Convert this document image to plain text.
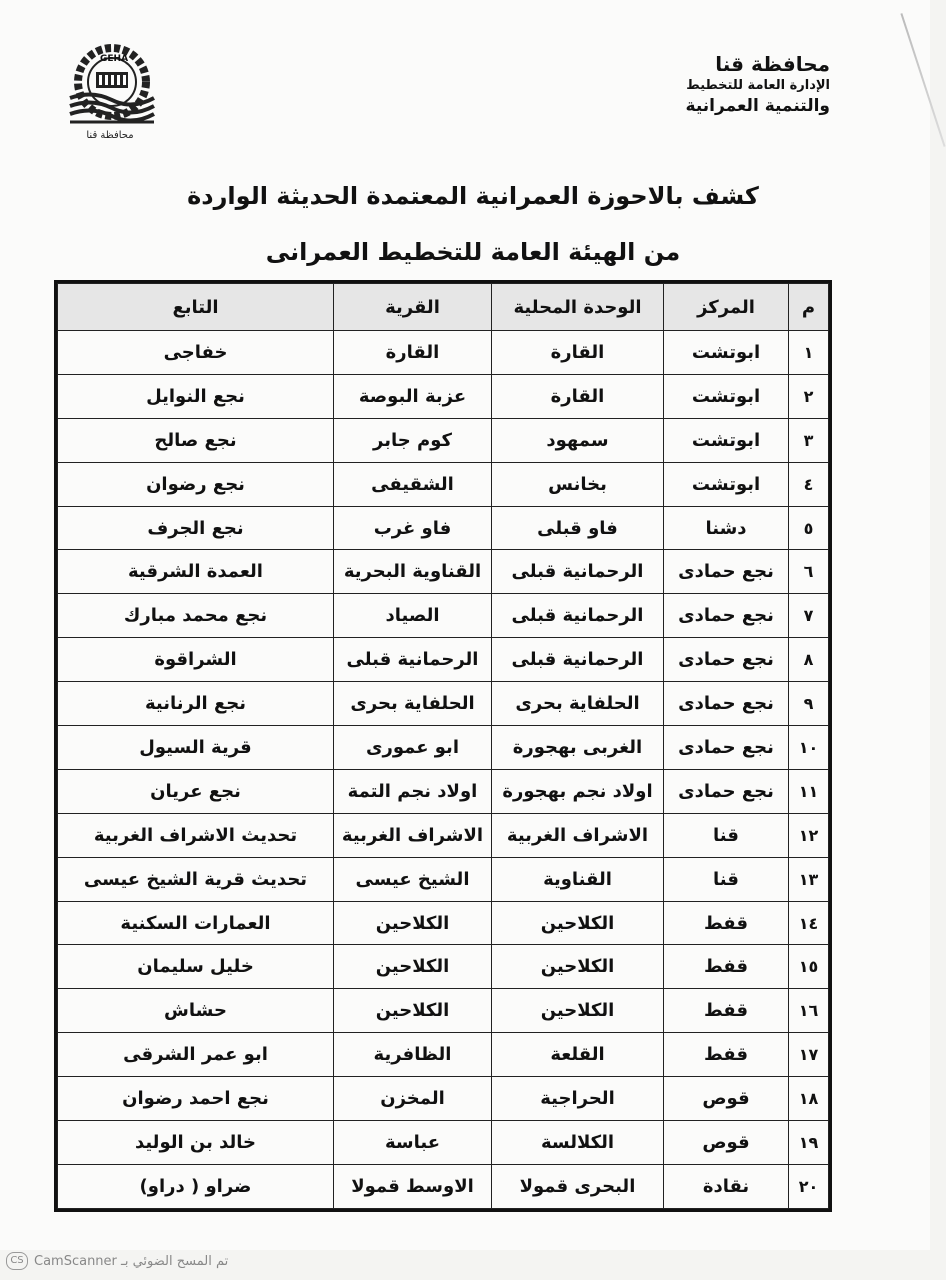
GEHA
محافظة قنا
محافظة قنا
الإدارة العامة للتخطيط
والتنمية العمرانية
كشف بالاحوزة العمرانية المعتمدة الحديثة الواردة
من الهيئة العامة للتخطيط العمرانى
م	المركز	الوحدة المحلية	القرية	التابع
١	ابوتشت	القارة	القارة	خفاجى
٢	ابوتشت	القارة	عزبة البوصة	نجع النوايل
٣	ابوتشت	سمهود	كوم جابر	نجع صالح
٤	ابوتشت	بخانس	الشقيفى	نجع رضوان
٥	دشنا	فاو قبلى	فاو غرب	نجع الجرف
٦	نجع حمادى	الرحمانية قبلى	القناوية البحرية	العمدة الشرقية
٧	نجع حمادى	الرحمانية قبلى	الصياد	نجع محمد مبارك
٨	نجع حمادى	الرحمانية قبلى	الرحمانية قبلى	الشراقوة
٩	نجع حمادى	الحلفاية بحرى	الحلفاية بحرى	نجع الرنانية
١٠	نجع حمادى	الغربى بهجورة	ابو عمورى	قرية السيول
١١	نجع حمادى	اولاد نجم بهجورة	اولاد نجم التمة	نجع عريان
١٢	قنا	الاشراف الغربية	الاشراف الغربية	تحديث الاشراف الغربية
١٣	قنا	القناوية	الشيخ عيسى	تحديث قرية الشيخ عيسى
١٤	قفط	الكلاحين	الكلاحين	العمارات السكنية
١٥	قفط	الكلاحين	الكلاحين	خليل سليمان
١٦	قفط	الكلاحين	الكلاحين	حشاش
١٧	قفط	القلعة	الظافرية	ابو عمر الشرقى
١٨	قوص	الحراجية	المخزن	نجع احمد رضوان
١٩	قوص	الكلالسة	عباسة	خالد بن الوليد
٢٠	نقادة	البحرى قمولا	الاوسط قمولا	ضراو ( دراو)
تم المسح الضوئي بـ CamScanner
CS
